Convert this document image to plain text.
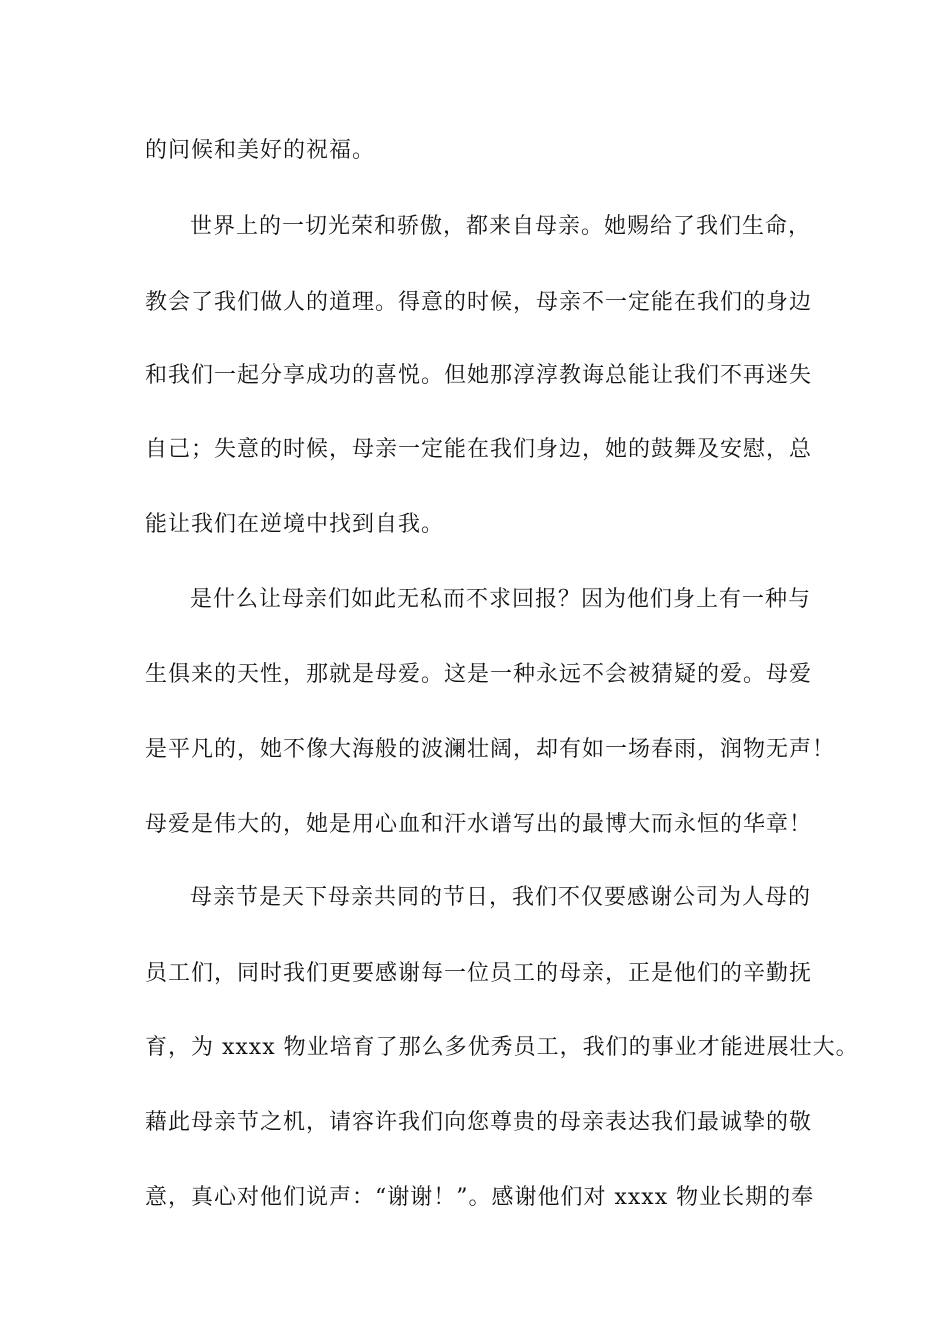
的问候和美好的祝福。
世界上的一切光荣和骄傲，都来自母亲。她赐给了我们生命，
教会了我们做人的道理。得意的时候，母亲不一定能在我们的身边
和我们一起分享成功的喜悦。但她那淳淳教诲总能让我们不再迷失
自己；失意的时候，母亲一定能在我们身边，她的鼓舞及安慰，总
能让我们在逆境中找到自我。
是什么让母亲们如此无私而不求回报？因为他们身上有一种与
生俱来的天性，那就是母爱。这是一种永远不会被猜疑的爱。母爱
是平凡的，她不像大海般的波澜壮阔，却有如一场春雨，润物无声！
母爱是伟大的，她是用心血和汗水谱写出的最博大而永恒的华章！
母亲节是天下母亲共同的节日，我们不仅要感谢公司为人母的
员工们，同时我们更要感谢每一位员工的母亲，正是他们的辛勤抚
育，为 xxxx 物业培育了那么多优秀员工，我们的事业才能进展壮大。
藉此母亲节之机，请容许我们向您尊贵的母亲表达我们最诚挚的敬
意，真心对他们说声：“谢谢！”。感谢他们对 xxxx 物业长期的奉
